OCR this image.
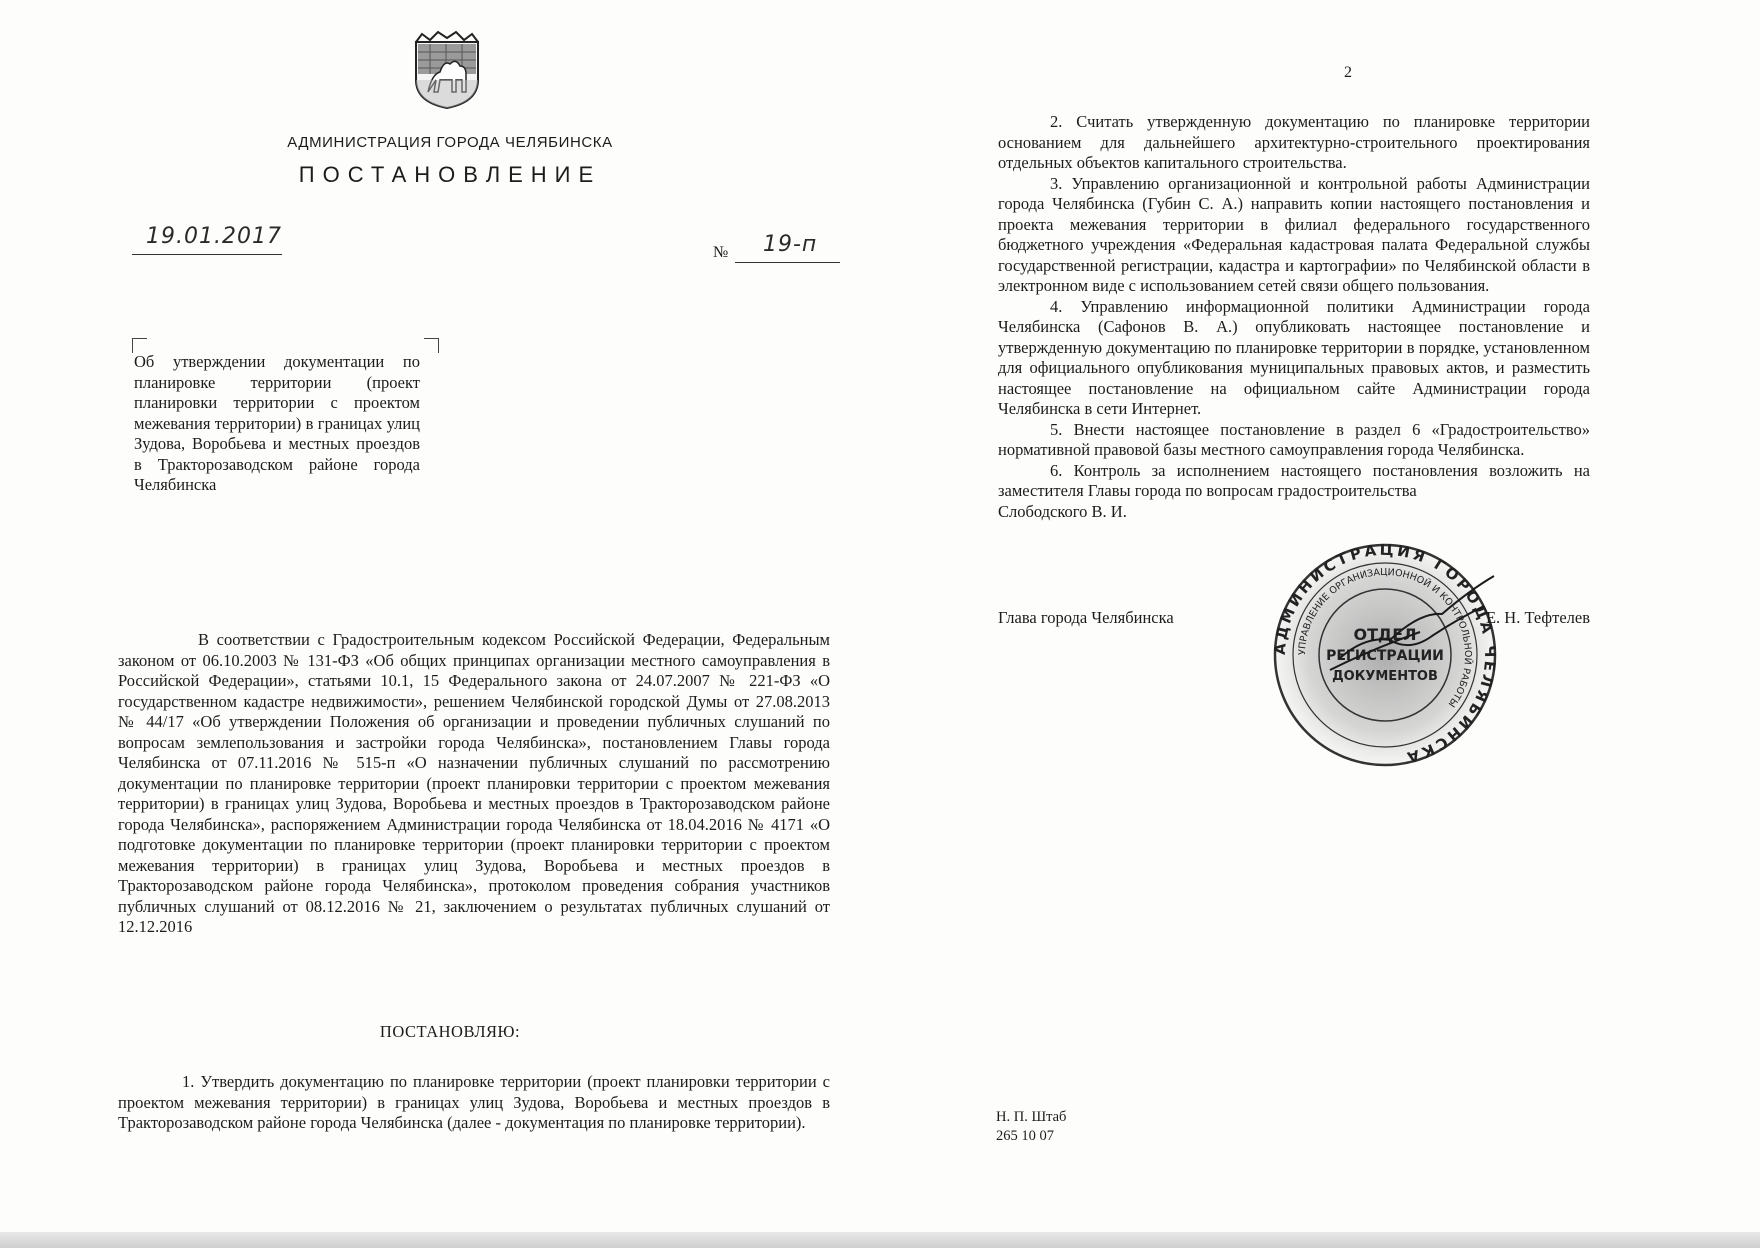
АДМИНИСТРАЦИЯ ГОРОДА ЧЕЛЯБИНСКА
ПОСТАНОВЛЕНИЕ
19.01.2017
№ 19-п
Об утверждении документации по планировке территории (проект планировки территории с проектом межевания территории) в границах улиц Зудова, Воробьева и местных проездов в Тракторозаводском районе города Челябинска
В соответствии с Градостроительным кодексом Российской Федерации, Федеральным законом от 06.10.2003 № 131-ФЗ «Об общих принципах организации местного самоуправления в Российской Федерации», статьями 10.1, 15 Федерального закона от 24.07.2007 № 221-ФЗ «О государственном кадастре недвижимости», решением Челябинской городской Думы от 27.08.2013 № 44/17 «Об утверждении Положения об организации и проведении публичных слушаний по вопросам землепользования и застройки города Челябинска», постановлением Главы города Челябинска от 07.11.2016 № 515-п «О назначении публичных слушаний по рассмотрению документации по планировке территории (проект планировки территории с проектом межевания территории) в границах улиц Зудова, Воробьева и местных проездов в Тракторозаводском районе города Челябинска», распоряжением Администрации города Челябинска от 18.04.2016 № 4171 «О подготовке документации по планировке территории (проект планировки территории с проектом межевания территории) в границах улиц Зудова, Воробьева и местных проездов в Тракторозаводском районе города Челябинска», протоколом проведения собрания участников публичных слушаний от 08.12.2016 № 21, заключением о результатах публичных слушаний от 12.12.2016
ПОСТАНОВЛЯЮ:
1. Утвердить документацию по планировке территории (проект планировки территории с проектом межевания территории) в границах улиц Зудова, Воробьева и местных проездов в Тракторозаводском районе города Челябинска (далее - документация по планировке территории).
2

2. Считать утвержденную документацию по планировке территории основанием для дальнейшего архитектурно-строительного проектирования отдельных объектов капитального строительства.

3. Управлению организационной и контрольной работы Администрации города Челябинска (Губин С. А.) направить копии настоящего постановления и проекта межевания территории в филиал федерального государственного бюджетного учреждения «Федеральная кадастровая палата Федеральной службы государственной регистрации, кадастра и картографии» по Челябинской области в электронном виде с использованием сетей связи общего пользования.

4. Управлению информационной политики Администрации города Челябинска (Сафонов В. А.) опубликовать настоящее постановление и утвержденную документацию по планировке территории в порядке, установленном для официального опубликования муниципальных правовых актов, и разместить настоящее постановление на официальном сайте Администрации города Челябинска в сети Интернет.

5. Внести настоящее постановление в раздел 6 «Градостроительство» нормативной правовой базы местного самоуправления города Челябинска.

6. Контроль за исполнением настоящего постановления возложить на заместителя Главы города по вопросам градостроительства

Слободского В. И.

Глава города Челябинска
АДМИНИСТРАЦИЯ ГОРОДА ЧЕЛЯБИНСКА
УПРАВЛЕНИЕ ОРГАНИЗАЦИОННОЙ И КОНТРОЛЬНОЙ РАБОТЫ
ОТДЕЛ
РЕГИСТРАЦИИ
ДОКУМЕНТОВ
Е. Н. Тефтелев
Н. П. Штаб
265 10 07
